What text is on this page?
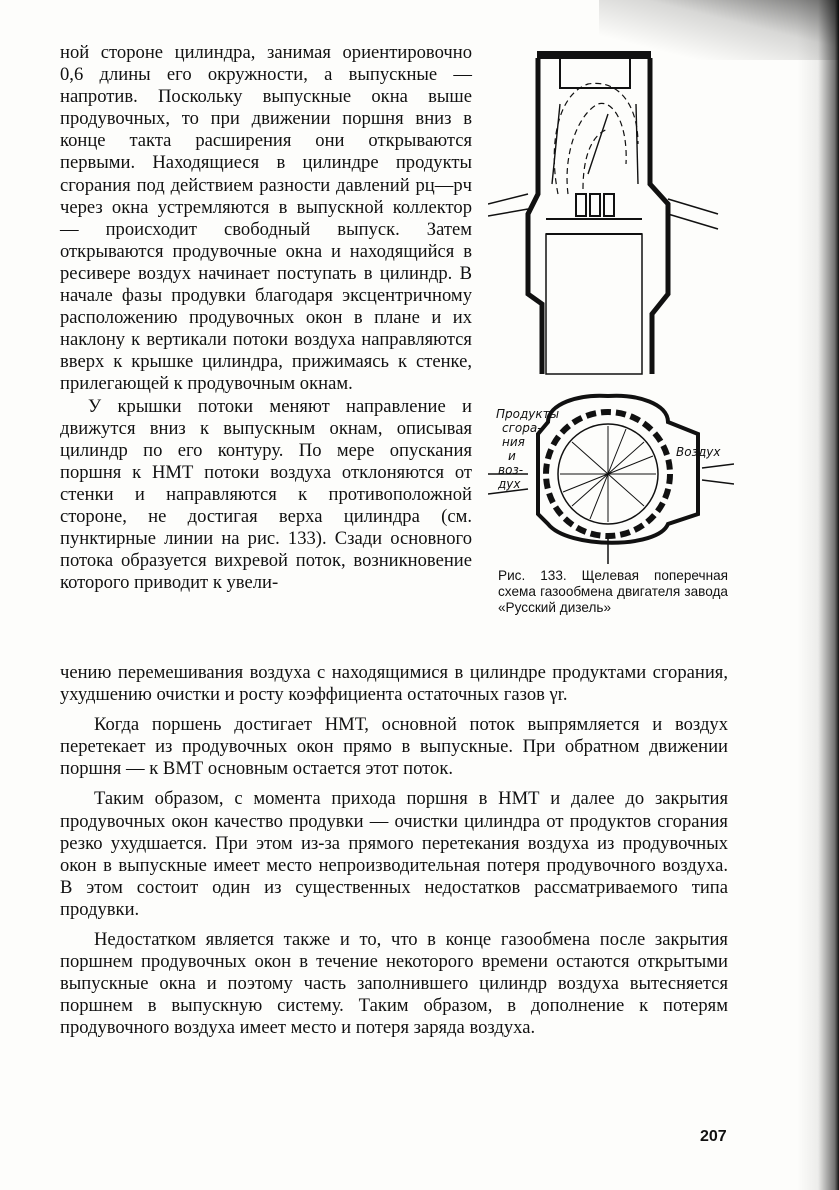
ной стороне цилиндра, занимая ориентировочно 0,6 длины его окружности, а выпускные — напротив. Поскольку выпускные окна выше продувочных, то при движении поршня вниз в конце такта расширения они открываются первыми. Находящиеся в цилиндре продукты сгорания под действием разности давлений pц—pч через окна устремляются в выпускной коллектор — происходит свободный выпуск. Затем открываются продувочные окна и находящийся в ресивере воздух начинает поступать в цилиндр. В начале фазы продувки благодаря эксцентричному расположению продувочных окон в плане и их наклону к вертикали потоки воздуха направляются вверх к крышке цилиндра, прижимаясь к стенке, прилегающей к продувочным окнам.

У крышки потоки меняют направление и движутся вниз к выпускным окнам, описывая цилиндр по его контуру. По мере опускания поршня к НМТ потоки воздуха отклоняются от стенки и направляются к противоположной стороне, не достигая верха цилиндра (см. пунктирные линии на рис. 133). Сзади основного потока образуется вихревой поток, возникновение которого приводит к увели-

Продукты
сгора-
ния
и
воз-
дух
Воздух
Рис. 133. Щелевая поперечная схема газообмена двигателя завода «Русский дизель»

чению перемешивания воздуха с находящимися в цилиндре продуктами сгорания, ухудшению очистки и росту коэффициента остаточных газов γr.

Когда поршень достигает НМТ, основной поток выпрямляется и воздух перетекает из продувочных окон прямо в выпускные. При обратном движении поршня — к ВМТ основным остается этот поток.

Таким образом, с момента прихода поршня в НМТ и далее до закрытия продувочных окон качество продувки — очистки цилиндра от продуктов сгорания резко ухудшается. При этом из-за прямого перетекания воздуха из продувочных окон в выпускные имеет место непроизводительная потеря продувочного воздуха. В этом состоит один из существенных недостатков рассматриваемого типа продувки.

Недостатком является также и то, что в конце газообмена после закрытия поршнем продувочных окон в течение некоторого времени остаются открытыми выпускные окна и поэтому часть заполнившего цилиндр воздуха вытесняется поршнем в выпускную систему. Таким образом, в дополнение к потерям продувочного воздуха имеет место и потеря заряда воздуха.

207
